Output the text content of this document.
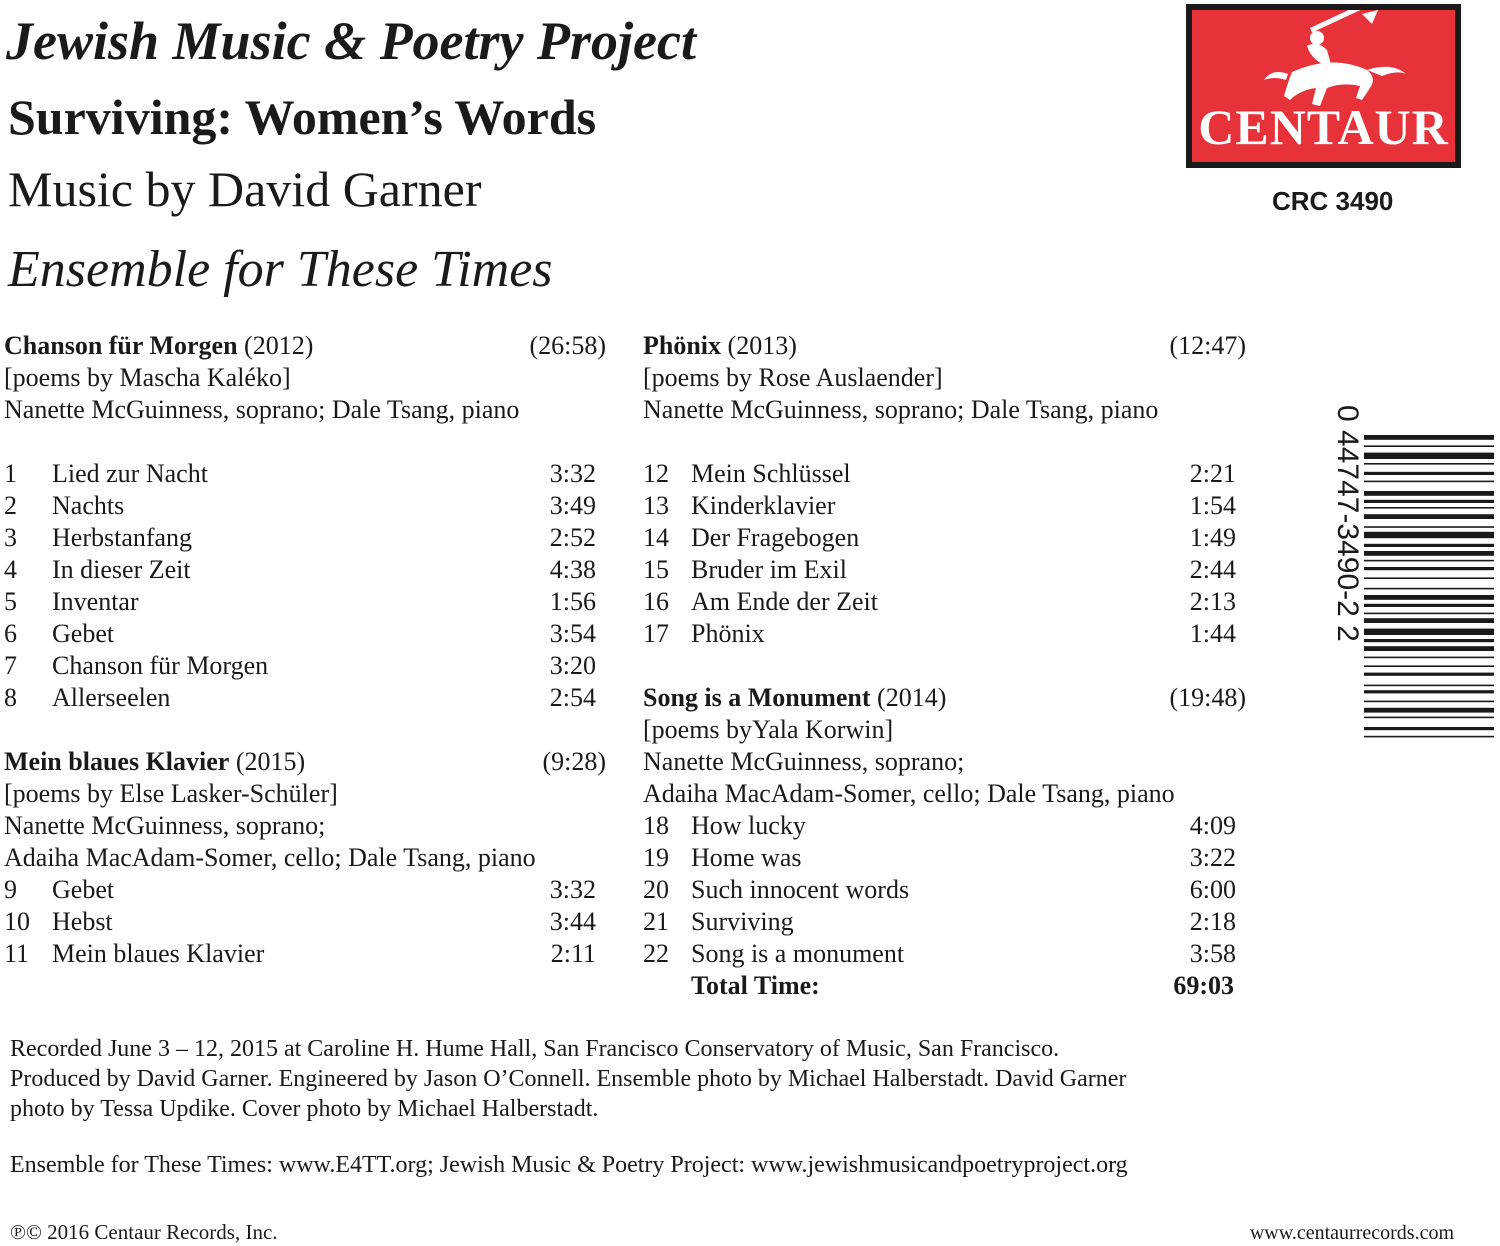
Jewish Music & Poetry Project
Surviving: Women’s Words
Music by David Garner
Ensemble for These Times
CENTAUR
CRC 3490
Chanson für Morgen (2012)	(26:58)
[poems by Mascha Kaléko]
Nanette McGuinness, soprano; Dale Tsang, piano
1	Lied zur Nacht	3:32
2	Nachts	3:49
3	Herbstanfang	2:52
4	In dieser Zeit	4:38
5	Inventar	1:56
6	Gebet	3:54
7	Chanson für Morgen	3:20
8	Allerseelen	2:54
Mein blaues Klavier (2015)	(9:28)
[poems by Else Lasker-Schüler]
Nanette McGuinness, soprano;
Adaiha MacAdam-Somer, cello; Dale Tsang, piano
9	Gebet	3:32
10 Hebst	3:44
11 Mein blaues Klavier	2:11
Phönix (2013)	(12:47)
[poems by Rose Auslaender]
Nanette McGuinness, soprano; Dale Tsang, piano
12 Mein Schlüssel	2:21
13 Kinderklavier	1:54
14 Der Fragebogen	1:49
15 Bruder im Exil	2:44
16 Am Ende der Zeit	2:13
17 Phönix	1:44
Song is a Monument (2014)	(19:48)
[poems byYala Korwin]
Nanette McGuinness, soprano;
Adaiha MacAdam-Somer, cello; Dale Tsang, piano
18 How lucky	4:09
19 Home was	3:22
20 Such innocent words	6:00
21 Surviving	2:18
22 Song is a monument	3:58
Total Time:	69:03
0 44747-3490-2 2
Recorded June 3 – 12, 2015 at Caroline H. Hume Hall, San Francisco Conservatory of Music, San Francisco.
Produced by David Garner. Engineered by Jason O’Connell. Ensemble photo by Michael Halberstadt. David Garner
photo by Tessa Updike. Cover photo by Michael Halberstadt.
Ensemble for These Times: www.E4TT.org; Jewish Music & Poetry Project: www.jewishmusicandpoetryproject.org
℗© 2016 Centaur Records, Inc.	www.centaurrecords.com
